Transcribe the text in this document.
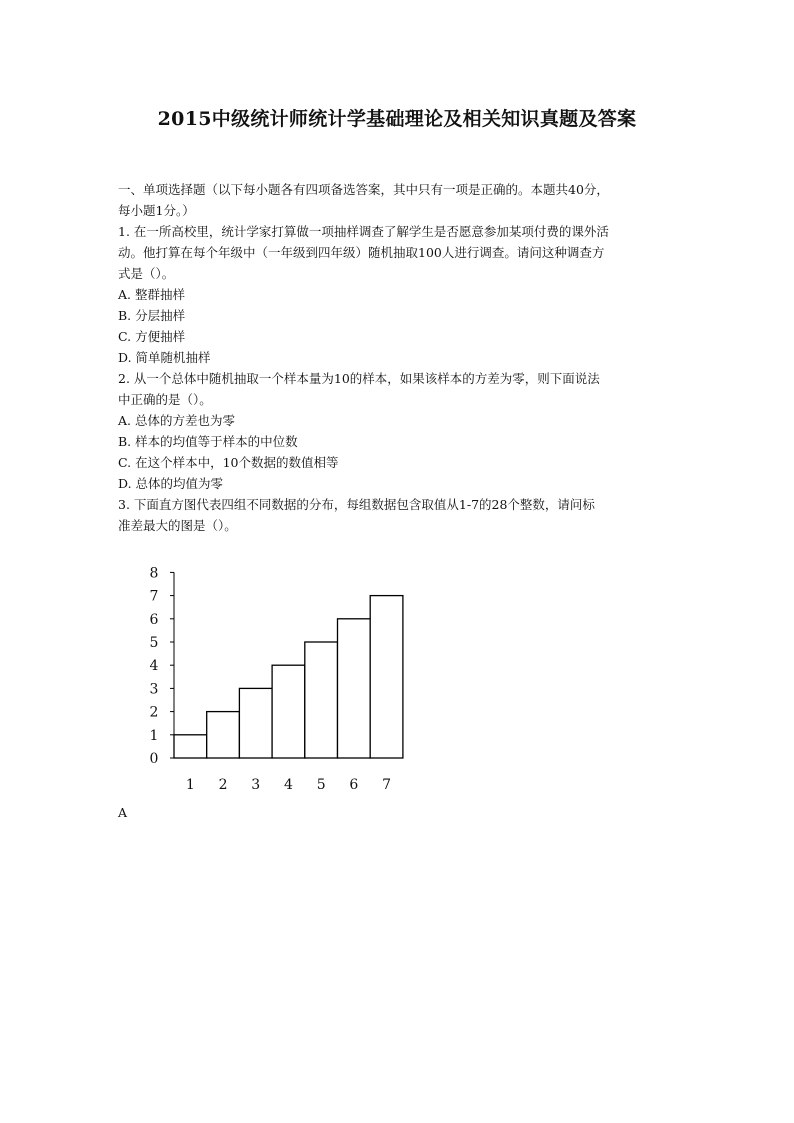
2015中级统计师统计学基础理论及相关知识真题及答案

一、单项选择题（以下每小题各有四项备选答案，其中只有一项是正确的。本题共40分，

每小题1分。）

1. 在一所高校里，统计学家打算做一项抽样调查了解学生是否愿意参加某项付费的课外活

动。他打算在每个年级中（一年级到四年级）随机抽取100人进行调查。请问这种调查方

式是（）。

A. 整群抽样

B. 分层抽样

C. 方便抽样

D. 简单随机抽样

2. 从一个总体中随机抽取一个样本量为10的样本，如果该样本的方差为零，则下面说法

中正确的是（）。

A. 总体的方差也为零

B. 样本的均值等于样本的中位数

C. 在这个样本中，10个数据的数值相等

D. 总体的均值为零

3. 下面直方图代表四组不同数据的分布，每组数据包含取值从1-7的28个整数，请问标

准差最大的图是（）。

0
1
2
3
4
5
6
7
8
1 2 3 4 5 6 7
A
